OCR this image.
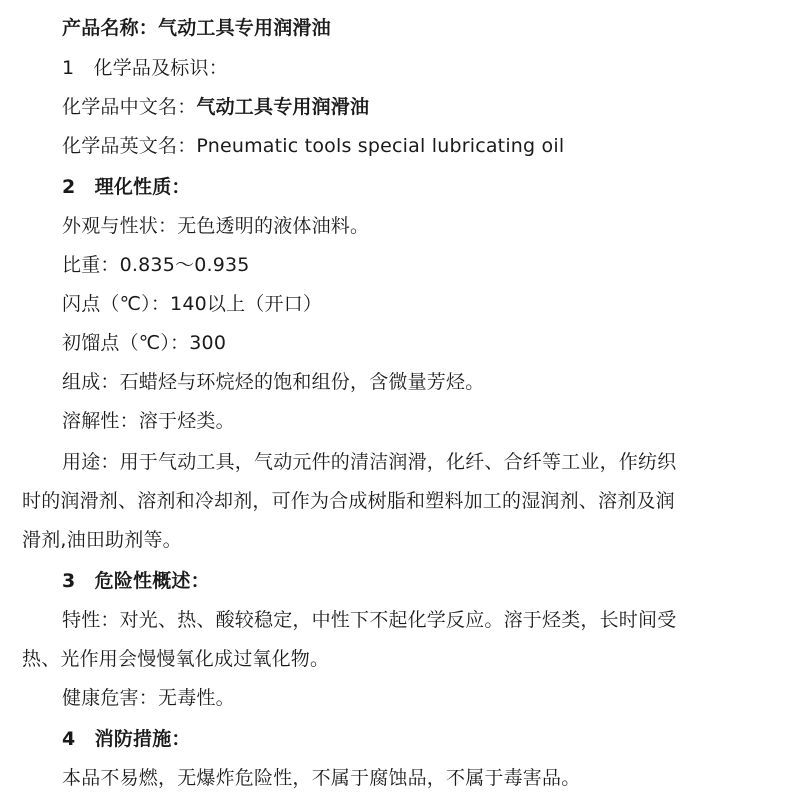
产品名称：气动工具专用润滑油
1　化学品及标识：
化学品中文名：气动工具专用润滑油
化学品英文名：Pneumatic tools special lubricating oil
2　理化性质：
外观与性状：无色透明的液体油料。
比重：0.835～0.935
闪点（℃）：140以上（开口）
初馏点（℃）：300
组成：石蜡烃与环烷烃的饱和组份，含微量芳烃。
溶解性：溶于烃类。
用途：用于气动工具，气动元件的清洁润滑，化纤、合纤等工业，作纺织
时的润滑剂、溶剂和冷却剂，可作为合成树脂和塑料加工的湿润剂、溶剂及润
滑剂,油田助剂等。
3　危险性概述：
特性：对光、热、酸较稳定，中性下不起化学反应。溶于烃类，长时间受
热、光作用会慢慢氧化成过氧化物。
健康危害：无毒性。
4　消防措施：
本品不易燃，无爆炸危险性，不属于腐蚀品，不属于毒害品。
